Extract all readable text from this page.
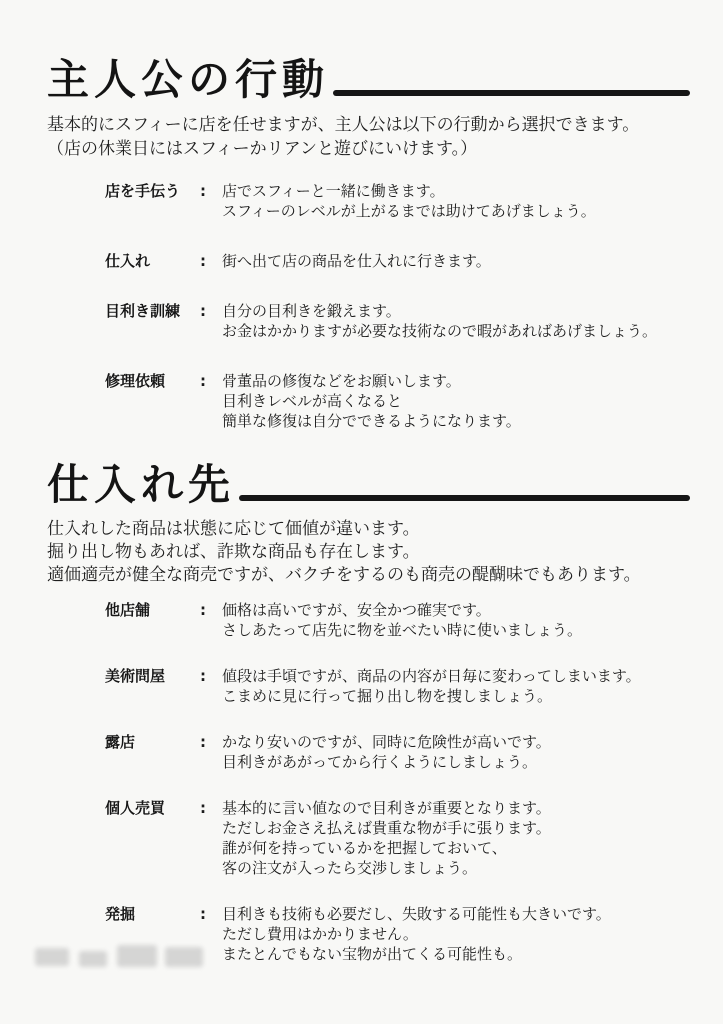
主人公の行動

基本的にスフィーに店を任せますが、主人公は以下の行動から選択できます。
（店の休業日にはスフィーかリアンと遊びにいけます。）

店を手伝う	:	店でスフィーと一緒に働きます。
スフィーのレベルが上がるまでは助けてあげましょう。
仕入れ	:	街へ出て店の商品を仕入れに行きます。
目利き訓練	:	自分の目利きを鍛えます。
お金はかかりますが必要な技術なので暇があればあげましょう。
修理依頼	:	骨董品の修復などをお願いします。
目利きレベルが高くなると
簡単な修復は自分でできるようになります。
仕入れ先

仕入れした商品は状態に応じて価値が違います。
掘り出し物もあれば、詐欺な商品も存在します。
適価適売が健全な商売ですが、バクチをするのも商売の醍醐味でもあります。

他店舗	:	価格は高いですが、安全かつ確実です。
さしあたって店先に物を並べたい時に使いましょう。
美術問屋	:	値段は手頃ですが、商品の内容が日毎に変わってしまいます。
こまめに見に行って掘り出し物を捜しましょう。
露店	:	かなり安いのですが、同時に危険性が高いです。
目利きがあがってから行くようにしましょう。
個人売買	:	基本的に言い値なので目利きが重要となります。
ただしお金さえ払えば貴重な物が手に張ります。
誰が何を持っているかを把握しておいて、
客の注文が入ったら交渉しましょう。
発掘	:	目利きも技術も必要だし、失敗する可能性も大きいです。
ただし費用はかかりません。
またとんでもない宝物が出てくる可能性も。
